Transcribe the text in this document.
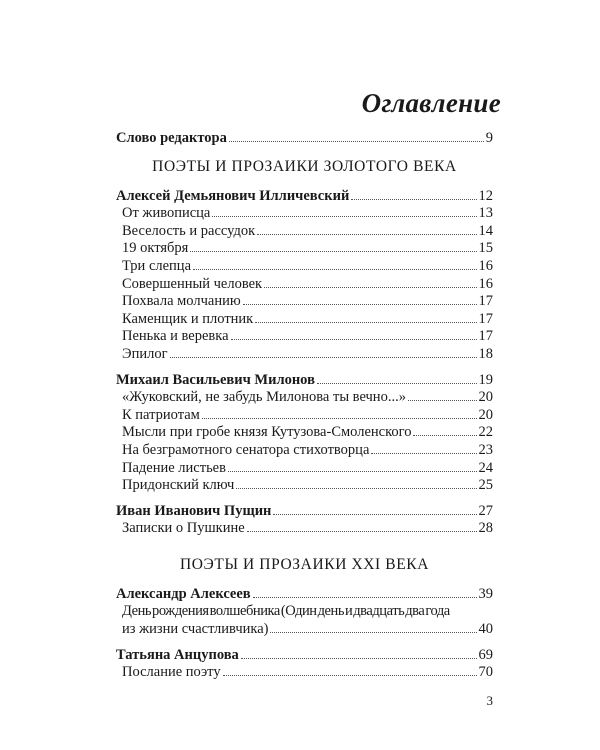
Оглавление
Слово редактора	9
ПОЭТЫ И ПРОЗАИКИ ЗОЛОТОГО ВЕКА
Алексей Демьянович Илличевский	12
От живописца	13
Веселость и рассудок	14
19 октября	15
Три слепца	16
Совершенный человек	16
Похвала молчанию	17
Каменщик и плотник	17
Пенька и веревка	17
Эпилог	18
Михаил Васильевич Милонов	19
«Жуковский, не забудь Милонова ты вечно...»	20
К патриотам	20
Мысли при гробе князя Кутузова-Смоленского	22
На безграмотного сенатора стихотворца	23
Падение листьев	24
Придонский ключ	25
Иван Иванович Пущин	27
Записки о Пушкине	28
ПОЭТЫ И ПРОЗАИКИ XXI ВЕКА
Александр Алексеев	39
День рождения волшебника (Один день и двадцать два года
из жизни счастливчика)	40
Татьяна Анцупова	69
Послание поэту	70
3
